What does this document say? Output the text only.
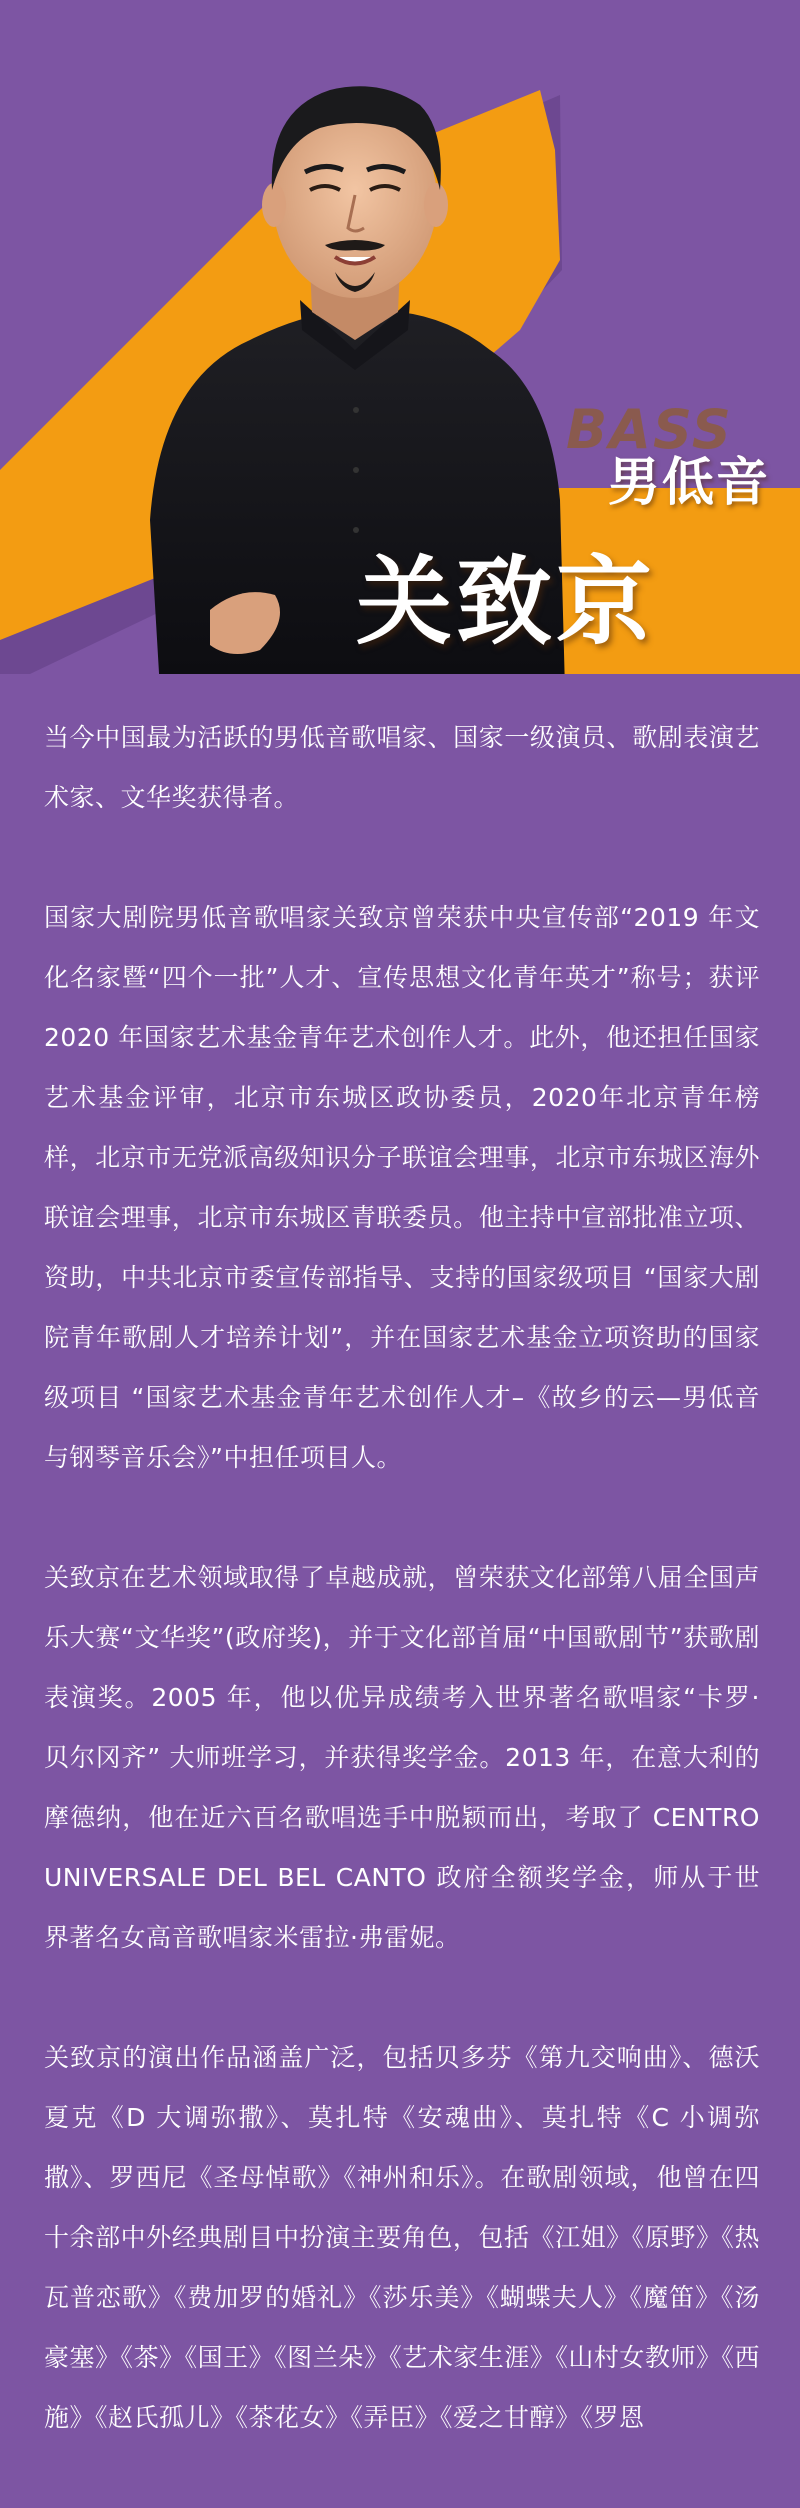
BASS
男低音
关致京

当今中国最为活跃的男低音歌唱家、国家一级演员、歌剧表演艺术家、文华奖获得者。

国家大剧院男低音歌唱家关致京曾荣获中央宣传部“2019 年文化名家暨“四个一批”人才、宣传思想文化青年英才”称号；获评 2020 年国家艺术基金青年艺术创作人才。此外，他还担任国家艺术基金评审，北京市东城区政协委员，2020年北京青年榜样，北京市无党派高级知识分子联谊会理事，北京市东城区海外联谊会理事，北京市东城区青联委员。他主持中宣部批准立项、资助，中共北京市委宣传部指导、支持的国家级项目 “国家大剧院青年歌剧人才培养计划”，并在国家艺术基金立项资助的国家级项目 “国家艺术基金青年艺术创作人才–《故乡的云—男低音与钢琴音乐会》”中担任项目人。

关致京在艺术领域取得了卓越成就，曾荣获文化部第八届全国声乐大赛“文华奖”(政府奖)，并于文化部首届“中国歌剧节”获歌剧表演奖。2005 年，他以优异成绩考入世界著名歌唱家“卡罗· 贝尔冈齐” 大师班学习，并获得奖学金。2013 年，在意大利的摩德纳，他在近六百名歌唱选手中脱颖而出，考取了 CENTRO UNIVERSALE DEL BEL CANTO 政府全额奖学金，师从于世界著名女高音歌唱家米雷拉·弗雷妮。

关致京的演出作品涵盖广泛，包括贝多芬《第九交响曲》、德沃夏克《D 大调弥撒》、莫扎特《安魂曲》、莫扎特《C 小调弥撒》、罗西尼《圣母悼歌》《神州和乐》。在歌剧领域，他曾在四十余部中外经典剧目中扮演主要角色，包括《江姐》《原野》《热瓦普恋歌》《费加罗的婚礼》《莎乐美》《蝴蝶夫人》《魔笛》《汤豪塞》《茶》《国王》《图兰朵》《艺术家生涯》《山村女教师》《西施》《赵氏孤儿》《茶花女》《弄臣》《爱之甘醇》《罗恩
